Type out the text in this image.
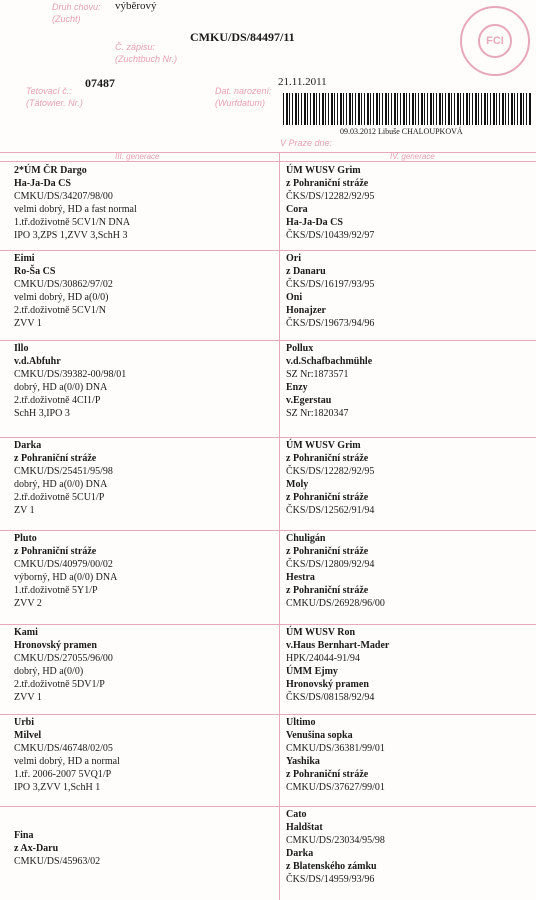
Druh chovu:
(Zucht)
výběrový
Č. zápisu:
(Zuchtbuch Nr.)
CMKU/DS/84497/11
Tetovací č.:
(Tätowier. Nr.)
07487
Dat. narození:
(Wurfdatum)
21.11.2011
FCI
09.03.2012 Libuše CHALOUPKOVÁ
V Praze dne:
III. generace	IV. generace
2*ÚM ČR Dargo
Ha-Ja-Da CS
CMKU/DS/34207/98/00
velmi dobrý, HD a fast normal
1.tř.doživotně 5CV1/N DNA
IPO 3,ZPS 1,ZVV 3,SchH 3
ÚM WUSV Grim
z Pohraniční stráže
ČKS/DS/12282/92/95
Cora
Ha-Ja-Da CS
ČKS/DS/10439/92/97
Eimi
Ro-Ša CS
CMKU/DS/30862/97/02
velmi dobrý, HD a(0/0)
2.tř.doživotně 5CV1/N
ZVV 1
Ori
z Danaru
ČKS/DS/16197/93/95
Oni
Honajzer
ČKS/DS/19673/94/96
Illo
v.d.Abfuhr
CMKU/DS/39382-00/98/01
dobrý, HD a(0/0) DNA
2.tř.doživotně 4CI1/P
SchH 3,IPO 3
Pollux
v.d.Schafbachmühle
SZ Nr:1873571
Enzy
v.Egerstau
SZ Nr:1820347
Darka
z Pohraniční stráže
CMKU/DS/25451/95/98
dobrý, HD a(0/0) DNA
2.tř.doživotně 5CU1/P
ZV 1
ÚM WUSV Grim
z Pohraniční stráže
ČKS/DS/12282/92/95
Moly
z Pohraniční stráže
ČKS/DS/12562/91/94
Pluto
z Pohraniční stráže
CMKU/DS/40979/00/02
výborný, HD a(0/0) DNA
1.tř.doživotně 5Y1/P
ZVV 2
Chuligán
z Pohraniční stráže
ČKS/DS/12809/92/94
Hestra
z Pohraniční stráže
CMKU/DS/26928/96/00
Kami
Hronovský pramen
CMKU/DS/27055/96/00
dobrý, HD a(0/0)
2.tř.doživotně 5DV1/P
ZVV 1
ÚM WUSV Ron
v.Haus Bernhart-Mader
HPK/24044-91/94
ÚMM Ejmy
Hronovský pramen
ČKS/DS/08158/92/94
Urbi
Milvel
CMKU/DS/46748/02/05
velmi dobrý, HD a normal
1.tř. 2006-2007 5VQ1/P
IPO 3,ZVV 1,SchH 1
Ultimo
Venušina sopka
CMKU/DS/36381/99/01
Yashika
z Pohraniční stráže
CMKU/DS/37627/99/01

Fina
z Ax-Daru
CMKU/DS/45963/02
Cato
Haldštat
CMKU/DS/23034/95/98
Darka
z Blatenského zámku
ČKS/DS/14959/93/96
